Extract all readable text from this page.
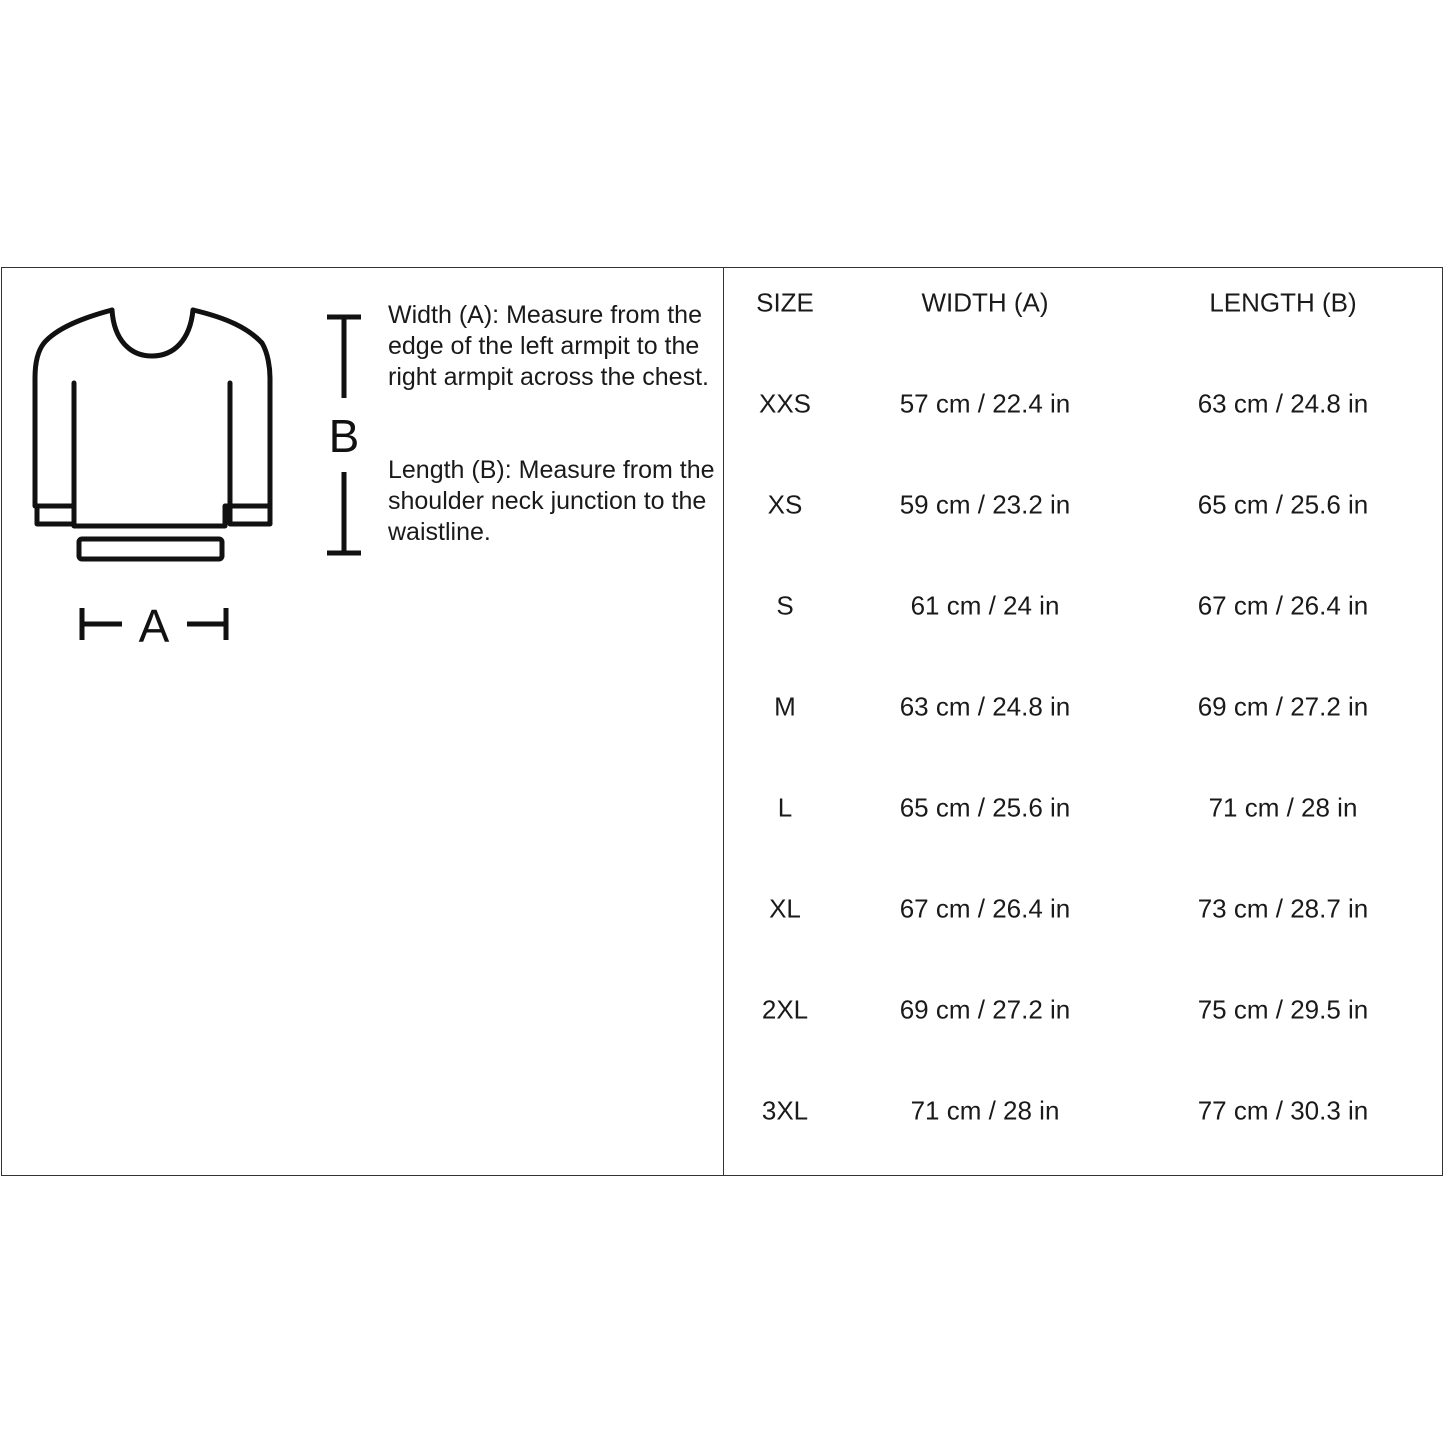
A
B

Width (A): Measure from the edge of the left armpit to the right armpit across the chest.

Length (B): Measure from the shoulder neck junction to the waistline.

SIZE	WIDTH (A)	LENGTH (B)
XXS	57 cm / 22.4 in	63 cm / 24.8 in
XS	59 cm / 23.2 in	65 cm / 25.6 in
S	61 cm / 24 in	67 cm / 26.4 in
M	63 cm / 24.8 in	69 cm / 27.2 in
L	65 cm / 25.6 in	71 cm / 28 in
XL	67 cm / 26.4 in	73 cm / 28.7 in
2XL	69 cm / 27.2 in	75 cm / 29.5 in
3XL	71 cm / 28 in	77 cm / 30.3 in
